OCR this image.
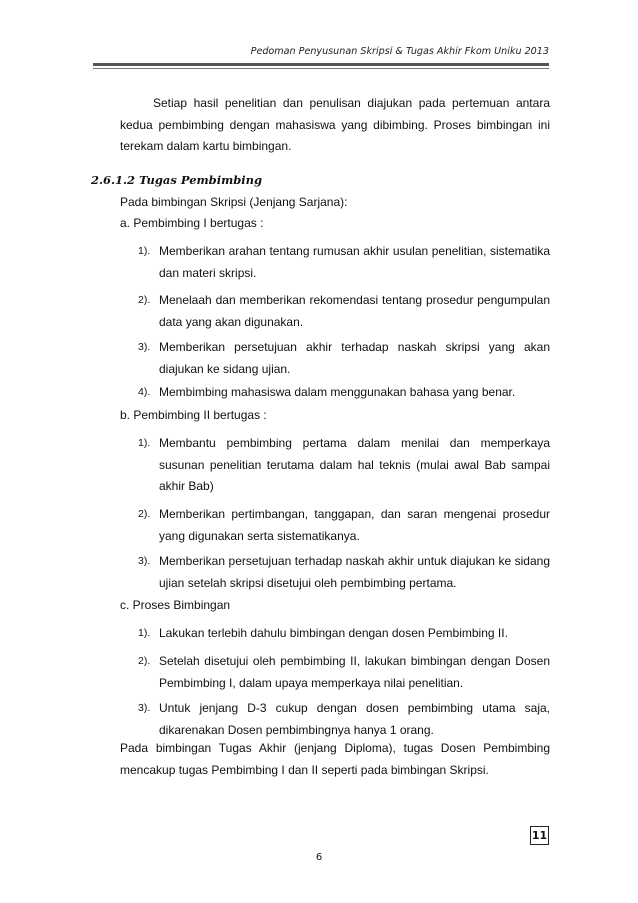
Pedoman Penyusunan Skripsi & Tugas Akhir Fkom Uniku 2013
Setiap hasil penelitian dan penulisan diajukan pada pertemuan antara kedua pembimbing dengan mahasiswa yang dibimbing. Proses bimbingan ini terekam dalam kartu bimbingan.
2.6.1.2 Tugas Pembimbing
Pada bimbingan Skripsi (Jenjang Sarjana):
a. Pembimbing I bertugas :
1). Memberikan arahan tentang rumusan akhir usulan penelitian, sistematika dan materi skripsi.
2). Menelaah dan memberikan rekomendasi tentang prosedur pengumpulan data yang akan digunakan.
3). Memberikan persetujuan akhir terhadap naskah skripsi yang akan diajukan ke sidang ujian.
4). Membimbing mahasiswa dalam menggunakan bahasa yang benar.
b. Pembimbing II bertugas :
1). Membantu pembimbing pertama dalam menilai dan memperkaya susunan penelitian terutama dalam hal teknis (mulai awal Bab sampai akhir Bab)
2). Memberikan pertimbangan, tanggapan, dan saran mengenai prosedur yang digunakan serta sistematikanya.
3). Memberikan persetujuan terhadap naskah akhir untuk diajukan ke sidang ujian setelah skripsi disetujui oleh pembimbing pertama.
c. Proses Bimbingan
1). Lakukan terlebih dahulu bimbingan dengan dosen Pembimbing II.
2). Setelah disetujui oleh pembimbing II, lakukan bimbingan dengan Dosen Pembimbing I, dalam upaya memperkaya nilai penelitian.
3). Untuk jenjang D-3 cukup dengan dosen pembimbing utama saja, dikarenakan Dosen pembimbingnya hanya 1 orang.
Pada bimbingan Tugas Akhir (jenjang Diploma), tugas Dosen Pembimbing mencakup tugas Pembimbing I dan II seperti pada bimbingan Skripsi.
11
6
